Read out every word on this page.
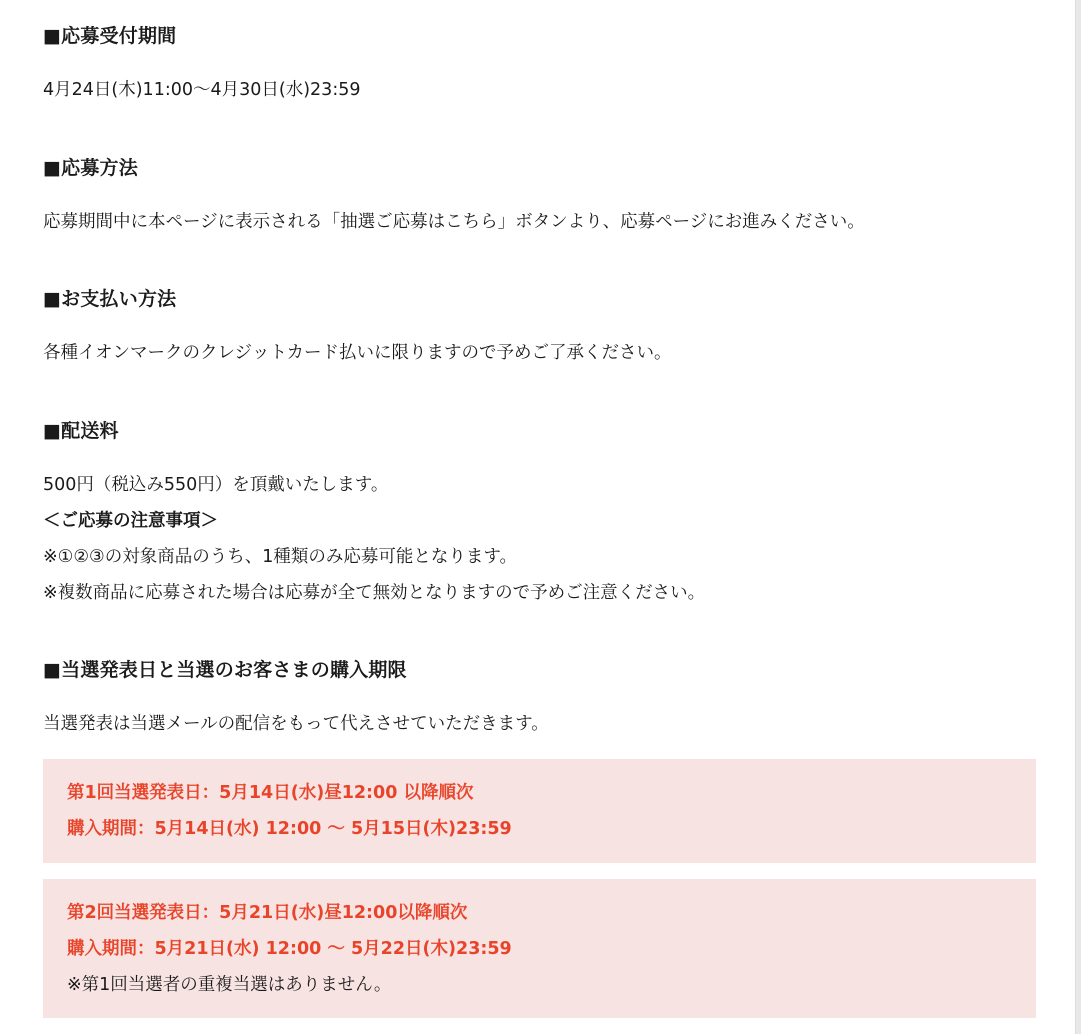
■応募受付期間
4月24日(木)11:00〜4月30日(水)23:59
■応募方法
応募期間中に本ページに表示される「抽選ご応募はこちら」ボタンより、応募ページにお進みください。
■お支払い方法
各種イオンマークのクレジットカード払いに限りますので予めご了承ください。
■配送料
500円（税込み550円）を頂戴いたします。
＜ご応募の注意事項＞
※①②③の対象商品のうち、1種類のみ応募可能となります。
※複数商品に応募された場合は応募が全て無効となりますので予めご注意ください。
■当選発表日と当選のお客さまの購入期限
当選発表は当選メールの配信をもって代えさせていただきます。
第1回当選発表日：5月14日(水)昼12:00 以降順次
購入期間：5月14日(水) 12:00 〜 5月15日(木)23:59
第2回当選発表日：5月21日(水)昼12:00以降順次
購入期間：5月21日(水) 12:00 〜 5月22日(木)23:59
※第1回当選者の重複当選はありません。
